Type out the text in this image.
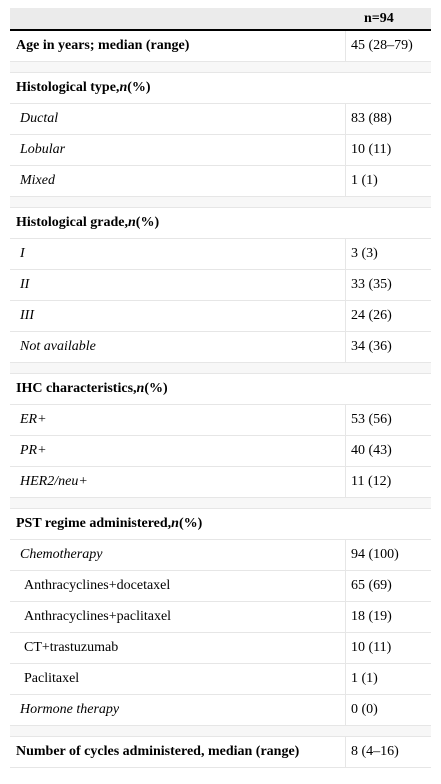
n=94
Age in years; median (range)	45 (28–79)
Histological type, n (%)
Ductal	83 (88)
Lobular	10 (11)
Mixed	1 (1)
Histological grade, n (%)
I	3 (3)
II	33 (35)
III	24 (26)
Not available	34 (36)
IHC characteristics, n (%)
ER+	53 (56)
PR+	40 (43)
HER2/neu+	11 (12)
PST regime administered, n (%)
Chemotherapy	94 (100)
Anthracyclines+docetaxel	65 (69)
Anthracyclines+paclitaxel	18 (19)
CT+trastuzumab	10 (11)
Paclitaxel	1 (1)
Hormone therapy	0 (0)
Number of cycles administered, median (range)	8 (4–16)
